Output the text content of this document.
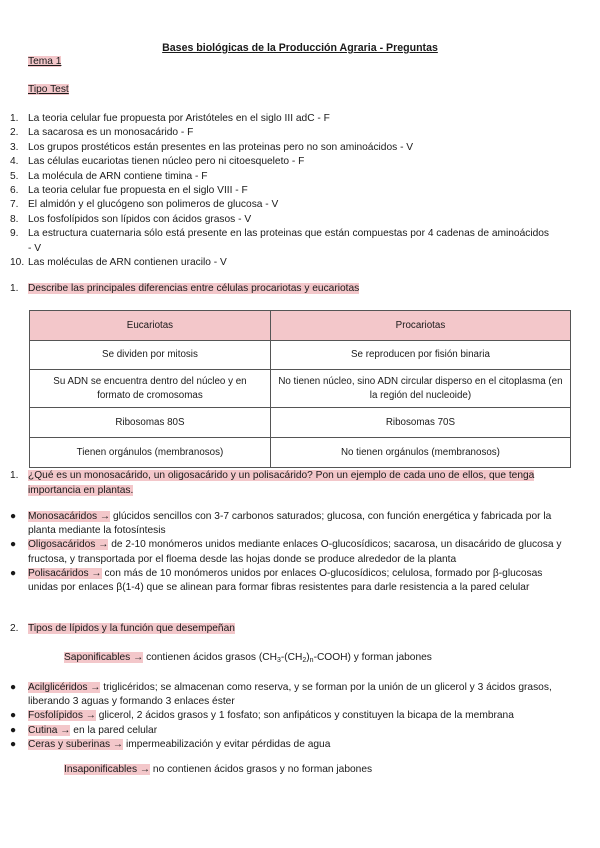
Bases biológicas de la Producción Agraria - Preguntas
Tema 1
Tipo Test
1. La teoria celular fue propuesta por Aristóteles en el siglo III adC - F
2. La sacarosa es un monosacárido - F
3. Los grupos prostéticos están presentes en las proteinas pero no son aminoácidos - V
4. Las células eucariotas tienen núcleo pero ni citoesqueleto - F
5. La molécula de ARN contiene timina - F
6. La teoria celular fue propuesta en el siglo VIII - F
7. El almidón y el glucógeno son polimeros de glucosa - V
8. Los fosfolípidos son lípidos con ácidos grasos - V
9. La estructura cuaternaria sólo está presente en las proteinas que están compuestas por 4 cadenas de aminoácidos - V
10. Las moléculas de ARN contienen uracilo - V
1. Describe las principales diferencias entre células procariotas y eucariotas
Eucariotas	Procariotas
Se dividen por mitosis	Se reproducen por fisión binaria
Su ADN se encuentra dentro del núcleo y en formato de cromosomas	No tienen núcleo, sino ADN circular disperso en el citoplasma (en la región del nucleoide)
Ribosomas 80S	Ribosomas 70S
Tienen orgánulos (membranosos)	No tienen orgánulos (membranosos)
1. ¿Qué es un monosacárido, un oligosacárido y un polisacárido? Pon un ejemplo de cada uno de ellos, que tenga importancia en plantas.
● Monosacáridos → glúcidos sencillos con 3-7 carbonos saturados; glucosa, con función energética y fabricada por la planta mediante la fotosíntesis
● Oligosacáridos → de 2-10 monómeros unidos mediante enlaces O-glucosídicos; sacarosa, un disacárido de glucosa y fructosa, y transportada por el floema desde las hojas donde se produce alrededor de la planta
● Polisacáridos → con más de 10 monómeros unidos por enlaces O-glucosídicos; celulosa, formado por β-glucosas unidas por enlaces β(1-4) que se alinean para formar fibras resistentes para darle resistencia a la pared celular
2. Tipos de lípidos y la función que desempeñan
Saponificables → contienen ácidos grasos $(CH_3-(CH_2)_n-COOH)$ y forman jabones
● Acilglicéridos → triglicéridos; se almacenan como reserva, y se forman por la unión de un glicerol y 3 ácidos grasos, liberando 3 aguas y formando 3 enlaces éster
● Fosfolípidos → glicerol, 2 ácidos grasos y 1 fosfato; son anfipáticos y constituyen la bicapa de la membrana
● Cutina → en la pared celular
● Ceras y suberinas → impermeabilización y evitar pérdidas de agua
Insaponificables → no contienen ácidos grasos y no forman jabones
